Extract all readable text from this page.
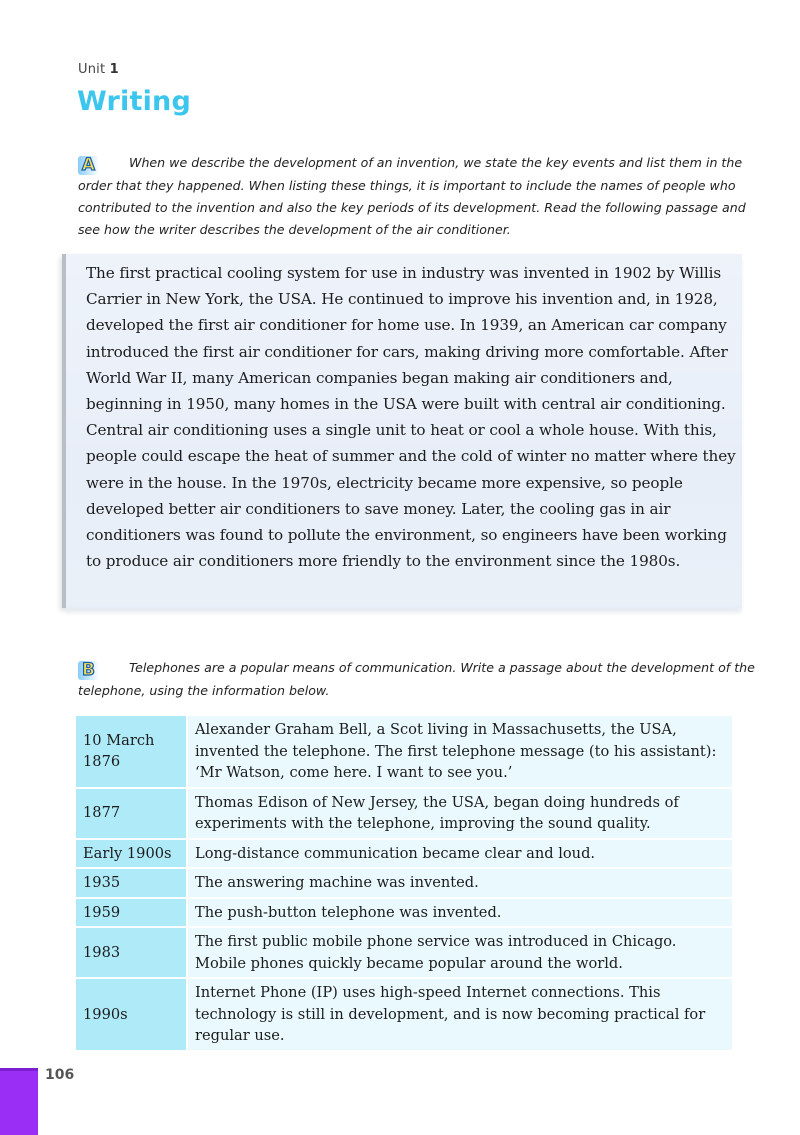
Unit 1
Writing
A	When we describe the development of an invention, we state the key events and list them in the order that they happened. When listing these things, it is important to include the names of people who contributed to the invention and also the key periods of its development. Read the following passage and see how the writer describes the development of the air conditioner.
The first practical cooling system for use in industry was invented in 1902 by Willis Carrier in New York, the USA. He continued to improve his invention and, in 1928, developed the first air conditioner for home use. In 1939, an American car company introduced the first air conditioner for cars, making driving more comfortable. After World War II, many American companies began making air conditioners and, beginning in 1950, many homes in the USA were built with central air conditioning. Central air conditioning uses a single unit to heat or cool a whole house. With this, people could escape the heat of summer and the cold of winter no matter where they were in the house. In the 1970s, electricity became more expensive, so people developed better air conditioners to save money. Later, the cooling gas in air conditioners was found to pollute the environment, so engineers have been working to produce air conditioners more friendly to the environment since the 1980s.
B	Telephones are a popular means of communication. Write a passage about the development of the telephone, using the information below.
10 March 1876	Alexander Graham Bell, a Scot living in Massachusetts, the USA, invented the telephone. The first telephone message (to his assistant): ‘Mr Watson, come here. I want to see you.’
1877	Thomas Edison of New Jersey, the USA, began doing hundreds of experiments with the telephone, improving the sound quality.
Early 1900s	Long-distance communication became clear and loud.
1935	The answering machine was invented.
1959	The push-button telephone was invented.
1983	The first public mobile phone service was introduced in Chicago. Mobile phones quickly became popular around the world.
1990s	Internet Phone (IP) uses high-speed Internet connections. This technology is still in development, and is now becoming practical for regular use.
106
